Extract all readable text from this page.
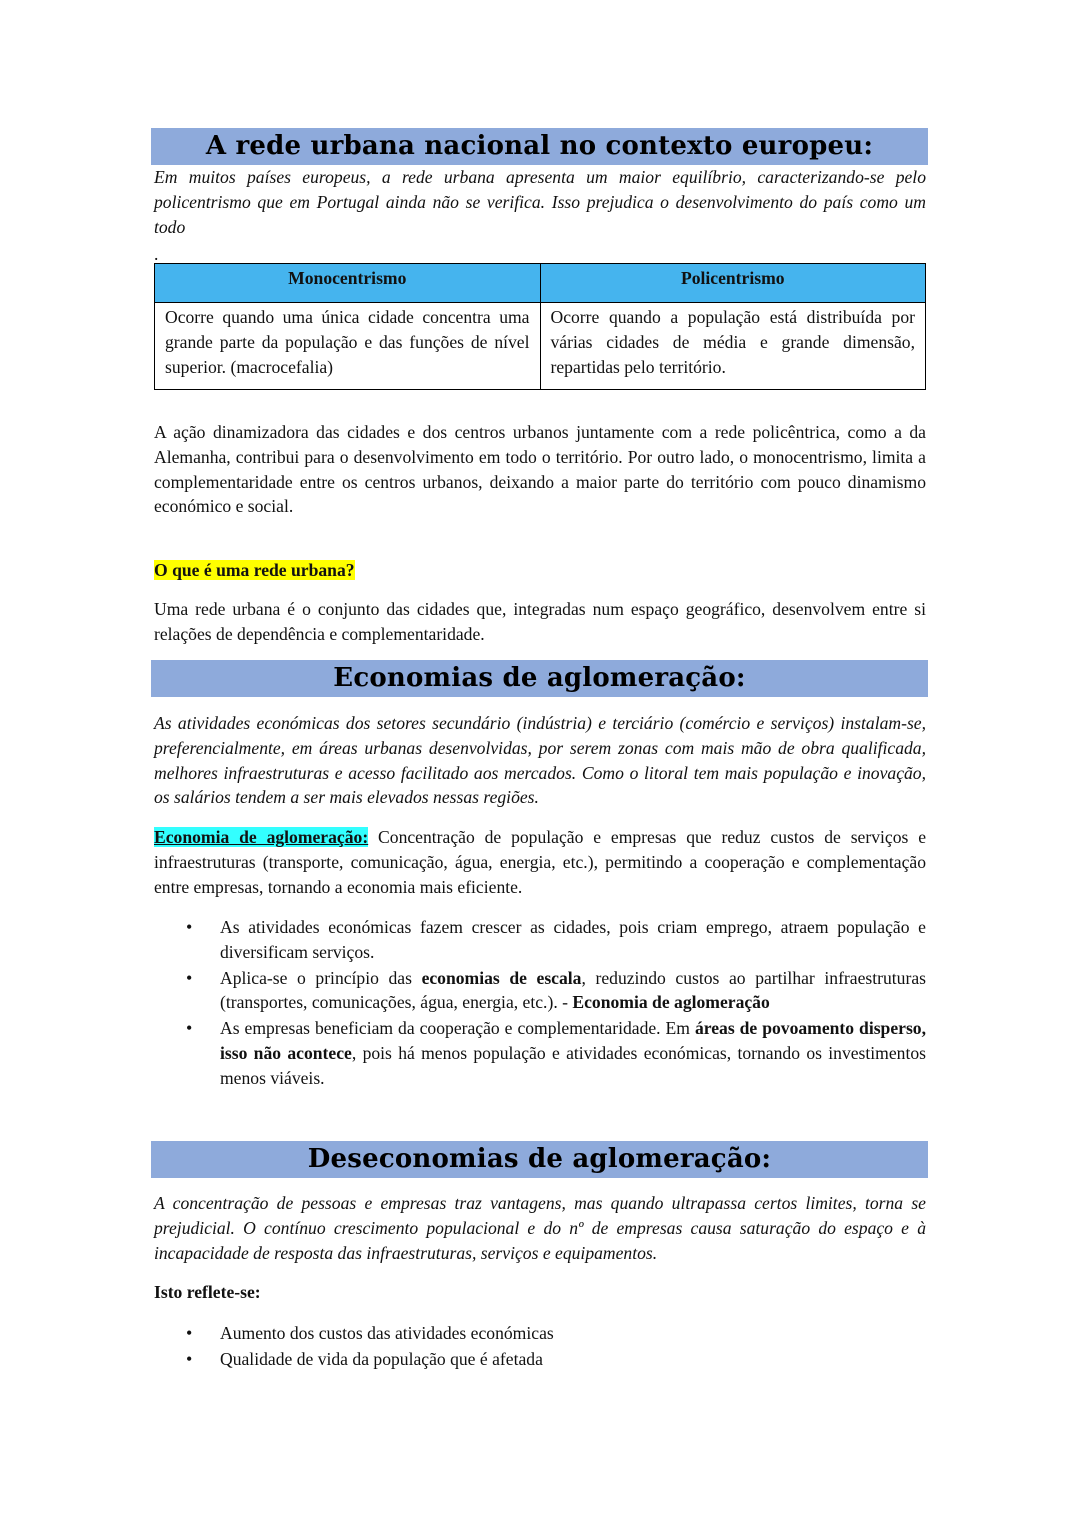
A rede urbana nacional no contexto europeu:

Em muitos países europeus, a rede urbana apresenta um maior equilíbrio, caracterizando-se pelo policentrismo que em Portugal ainda não se verifica. Isso prejudica o desenvolvimento do país como um todo

.
Monocentrismo	Policentrismo
Ocorre quando uma única cidade concentra uma grande parte da população e das funções de nível superior. (macrocefalia)	Ocorre quando a população está distribuída por várias cidades de média e grande dimensão, repartidas pelo território.

A ação dinamizadora das cidades e dos centros urbanos juntamente com a rede policêntrica, como a da Alemanha, contribui para o desenvolvimento em todo o território. Por outro lado, o monocentrismo, limita a complementaridade entre os centros urbanos, deixando a maior parte do território com pouco dinamismo económico e social.

O que é uma rede urbana?

Uma rede urbana é o conjunto das cidades que, integradas num espaço geográfico, desenvolvem entre si relações de dependência e complementaridade.

Economias de aglomeração:

As atividades económicas dos setores secundário (indústria) e terciário (comércio e serviços) instalam-se, preferencialmente, em áreas urbanas desenvolvidas, por serem zonas com mais mão de obra qualificada, melhores infraestruturas e acesso facilitado aos mercados. Como o litoral tem mais população e inovação, os salários tendem a ser mais elevados nessas regiões.

Economia de aglomeração: Concentração de população e empresas que reduz custos de serviços e infraestruturas (transporte, comunicação, água, energia, etc.), permitindo a cooperação e complementação entre empresas, tornando a economia mais eficiente.

• As atividades económicas fazem crescer as cidades, pois criam emprego, atraem população e diversificam serviços.
• Aplica-se o princípio das economias de escala, reduzindo custos ao partilhar infraestruturas (transportes, comunicações, água, energia, etc.). - Economia de aglomeração
• As empresas beneficiam da cooperação e complementaridade. Em áreas de povoamento disperso, isso não acontece, pois há menos população e atividades económicas, tornando os investimentos menos viáveis.
Deseconomias de aglomeração:

A concentração de pessoas e empresas traz vantagens, mas quando ultrapassa certos limites, torna se prejudicial. O contínuo crescimento populacional e do nº de empresas causa saturação do espaço e à incapacidade de resposta das infraestruturas, serviços e equipamentos.

Isto reflete-se:

• Aumento dos custos das atividades económicas
• Qualidade de vida da população que é afetada
